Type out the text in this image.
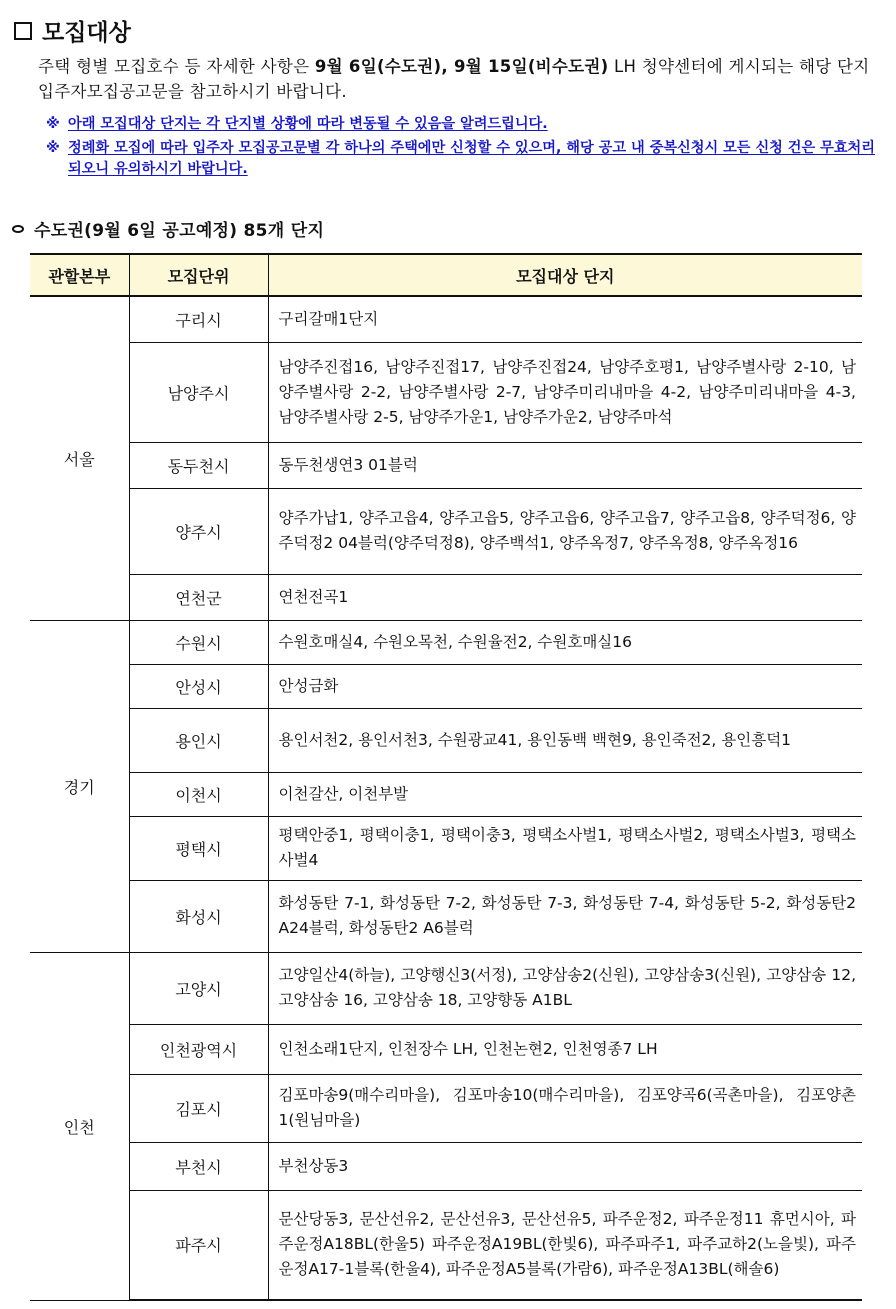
모집대상
주택 형별 모집호수 등 자세한 사항은 9월 6일(수도권), 9월 15일(비수도권) LH 청약센터에 게시되는 해당 단지 입주자모집공고문을 참고하시기 바랍니다.
※ 아래 모집대상 단지는 각 단지별 상황에 따라 변동될 수 있음을 알려드립니다.
※ 정례화 모집에 따라 입주자 모집공고문별 각 하나의 주택에만 신청할 수 있으며, 해당 공고 내 중복신청시 모든 신청 건은 무효처리 되오니 유의하시기 바랍니다.
수도권(9월 6일 공고예정) 85개 단지
관할본부	모집단위	모집대상 단지
서울	구리시	구리갈매1단지
	남양주시	남양주진접16, 남양주진접17, 남양주진접24, 남양주호평1, 남양주별사랑 2-10, 남양주별사랑 2-2, 남양주별사랑 2-7, 남양주미리내마을 4-2, 남양주미리내마을 4-3, 남양주별사랑 2-5, 남양주가운1, 남양주가운2, 남양주마석
	동두천시	동두천생연3 01블럭
	양주시	양주가납1, 양주고읍4, 양주고읍5, 양주고읍6, 양주고읍7, 양주고읍8, 양주덕정6, 양주덕정2 04블럭(양주덕정8), 양주백석1, 양주옥정7, 양주옥정8, 양주옥정16
	연천군	연천전곡1
경기	수원시	수원호매실4, 수원오목천, 수원율전2, 수원호매실16
	안성시	안성금화
	용인시	용인서천2, 용인서천3, 수원광교41, 용인동백 백현9, 용인죽전2, 용인흥덕1
	이천시	이천갈산, 이천부발
	평택시	평택안중1, 평택이충1, 평택이충3, 평택소사벌1, 평택소사벌2, 평택소사벌3, 평택소사벌4
	화성시	화성동탄 7-1, 화성동탄 7-2, 화성동탄 7-3, 화성동탄 7-4, 화성동탄 5-2, 화성동탄2 A24블럭, 화성동탄2 A6블럭
인천	고양시	고양일산4(하늘), 고양행신3(서정), 고양삼송2(신원), 고양삼송3(신원), 고양삼송 12, 고양삼송 16, 고양삼송 18, 고양향동 A1BL
	인천광역시	인천소래1단지, 인천장수 LH, 인천논현2, 인천영종7 LH
	김포시	김포마송9(매수리마을), 김포마송10(매수리마을), 김포양곡6(곡촌마을), 김포양촌1(원님마을)
	부천시	부천상동3
	파주시	문산당동3, 문산선유2, 문산선유3, 문산선유5, 파주운정2, 파주운정11 휴먼시아, 파주운정A18BL(한울5) 파주운정A19BL(한빛6), 파주파주1, 파주교하2(노을빛), 파주운정A17-1블록(한울4), 파주운정A5블록(가람6), 파주운정A13BL(해솔6)
